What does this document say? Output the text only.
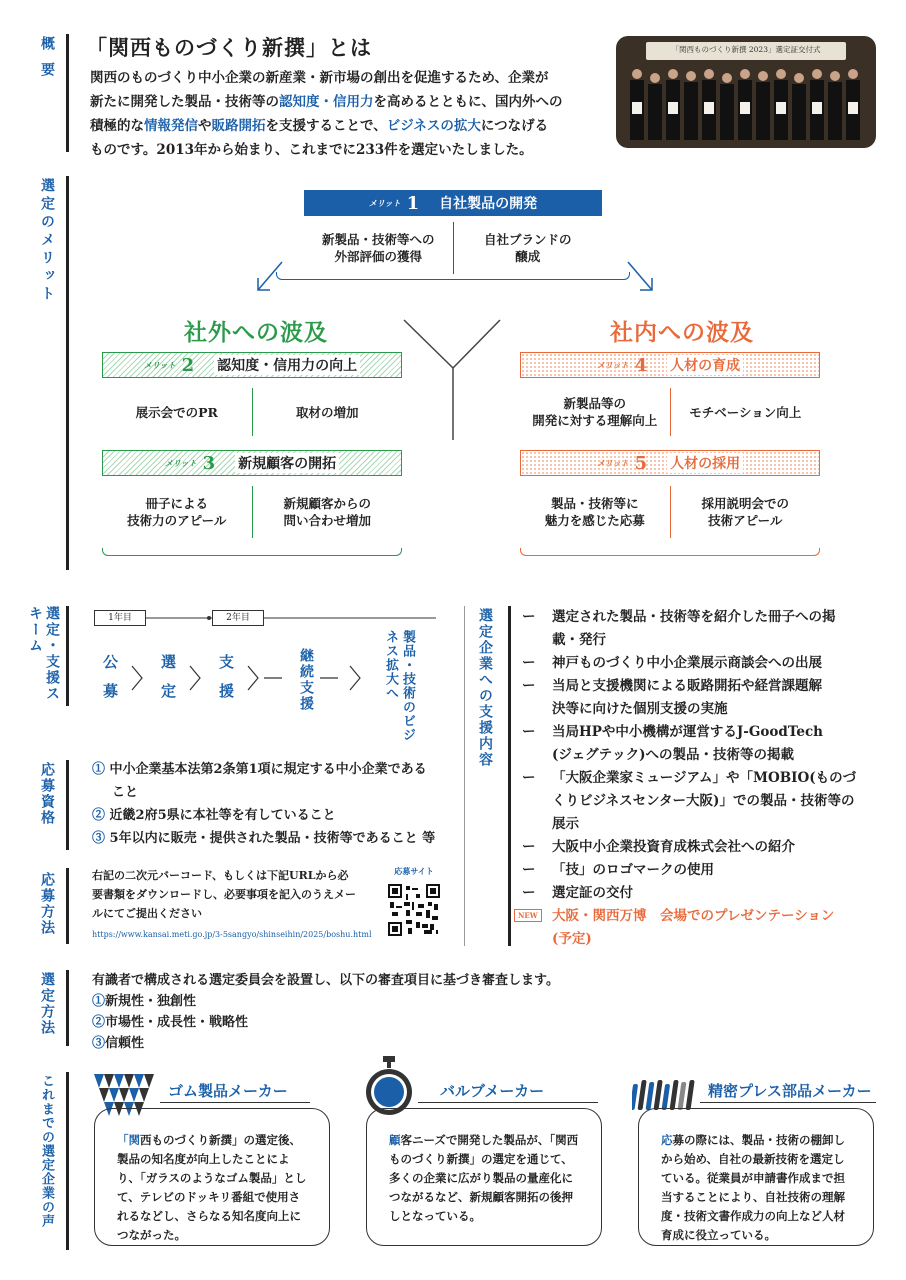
概要 「関西ものづくり新撰」とは
関西のものづくり中小企業の新産業・新市場の創出を促進するため、企業が
新たに開発した製品・技術等の認知度・信用力を高めるとともに、国内外への
積極的な情報発信や販路開拓を支援することで、ビジネスの拡大につなげる
ものです。2013年から始まり、これまでに233件を選定いたしました。
「関西ものづくり新撰 2023」選定証交付式
選定のメリット	メリット 1 自社製品の開発
新製品・技術等への
外部評価の獲得
自社ブランドの
醸成
社外への波及	社内への波及
メリット 2 認知度・信用力の向上
展示会でのPR	取材の増加
メリット 3 新規顧客の開拓
冊子による
技術力のアピール
新規顧客からの
問い合わせ増加
メリット 4 人材の育成
新製品等の
開発に対する理解向上
モチベーション向上
メリット 5 人材の採用
製品・技術等に
魅力を感じた応募
採用説明会での
技術アピール
選定・支援スキーム	1年目	2年目
公募	選定	支援	継続支援	製品・技術のビジネス拡大へ
応募資格	① 中小企業基本法第2条第1項に規定する中小企業である
こと
② 近畿2府5県に本社等を有していること
③ 5年以内に販売・提供された製品・技術等であること 等
応募方法	右記の二次元バーコード、もしくは下記URLから必
要書類をダウンロードし、必要事項を記入のうえメー
ルにてご提出ください
https://www.kansai.meti.go.jp/3-5sangyo/shinseihin/2025/boshu.html
応募サイト
選定企業への支援内容 ー 選定された製品・技術等を紹介した冊子への掲
載・発行
ー 神戸ものづくり中小企業展示商談会への出展
ー 当局と支援機関による販路開拓や経営課題解
決等に向けた個別支援の実施
ー 当局HPや中小機構が運営するJ-GoodTech
(ジェグテック)への製品・技術等の掲載
ー 「大阪企業家ミュージアム」や「MOBIO(ものづ
くりビジネスセンター大阪)」での製品・技術等の
展示
ー 大阪中小企業投資育成株式会社への紹介
ー 「技」のロゴマークの使用
ー 選定証の交付
NEW 大阪・関西万博　会場でのプレゼンテーション
(予定)
選定方法	有識者で構成される選定委員会を設置し、以下の審査項目に基づき審査します。
①新規性・独創性
②市場性・成長性・戦略性
③信頼性
これまでの選定企業の声	ゴム製品メーカー
「関西ものづくり新撰」の選定後、製品の知名度が向上したことにより、「ガラスのようなゴム製品」として、テレビのドッキリ番組で使用されるなどし、さらなる知名度向上につながった。
バルブメーカー
顧客ニーズで開発した製品が、「関西ものづくり新撰」の選定を通じて、多くの企業に広がり製品の量産化につながるなど、新規顧客開拓の後押しとなっている。
精密プレス部品メーカー
応募の際には、製品・技術の棚卸しから始め、自社の最新技術を選定している。従業員が申請書作成まで担当することにより、自社技術の理解度・技術文書作成力の向上など人材育成に役立っている。
